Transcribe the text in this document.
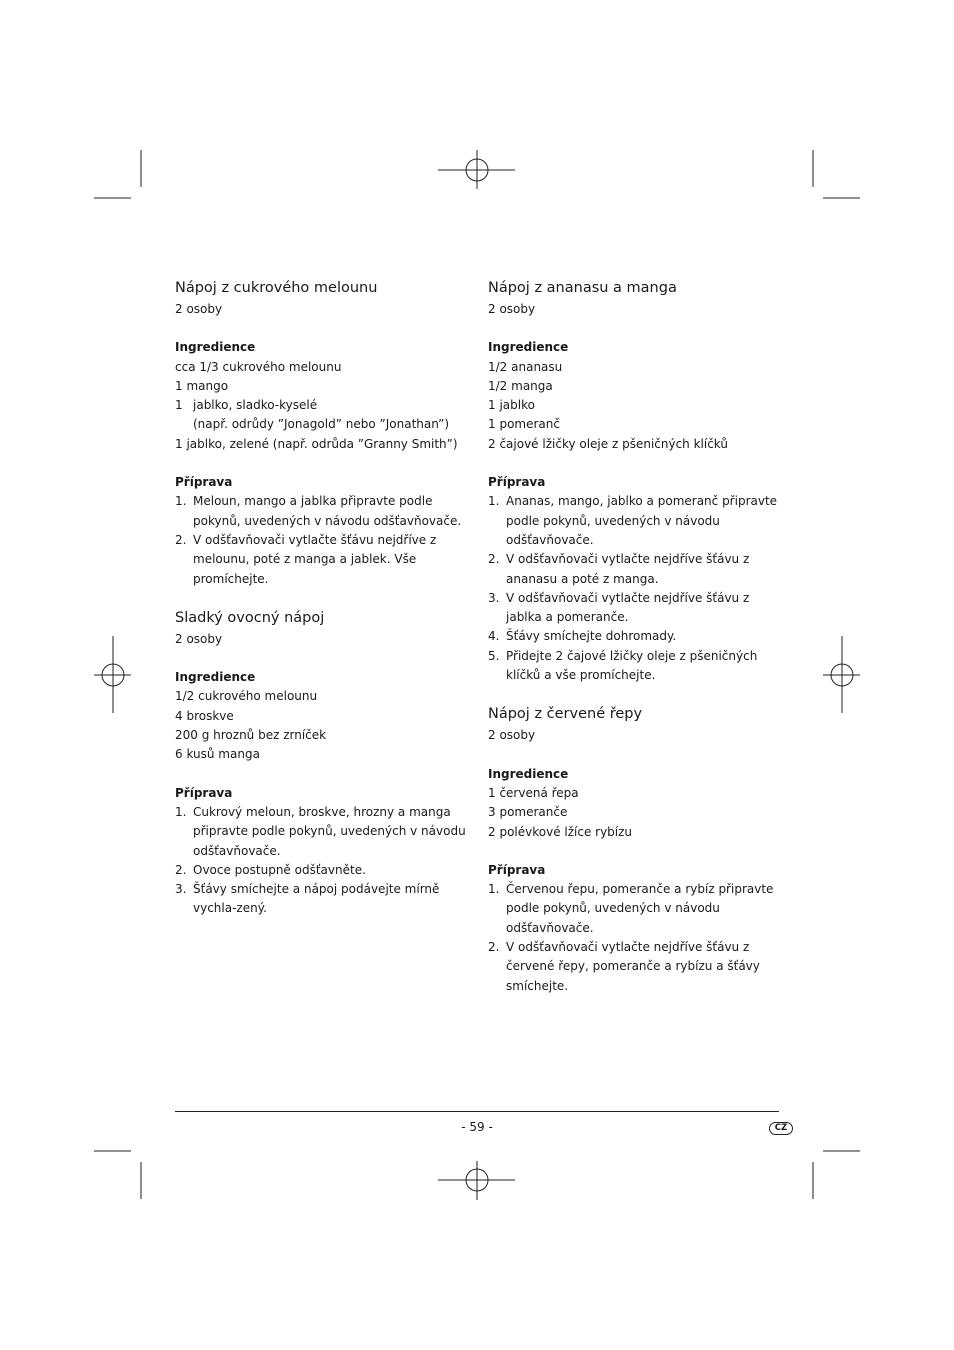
Nápoj z cukrového melounu
2 osoby
Ingredience
cca 1/3 cukrového melounu
1 mango
1 jablko, sladko-kyselé
(např. odrůdy ”Jonagold” nebo ”Jonathan”)
1 jablko, zelené (např. odrůda ”Granny Smith”)
Příprava
1. Meloun, mango a jablka připravte podle pokynů, uvedených v návodu odšťavňovače.
2. V odšťavňovači vytlačte šťávu nejdříve z melounu, poté z manga a jablek. Vše promíchejte.
Sladký ovocný nápoj
2 osoby
Ingredience
1/2 cukrového melounu
4 broskve
200 g hroznů bez zrníček
6 kusů manga
Příprava
1. Cukrový meloun, broskve, hrozny a manga připravte podle pokynů, uvedených v návodu odšťavňovače.
2. Ovoce postupně odšťavněte.
3. Šťávy smíchejte a nápoj podávejte mírně vychla-zený.
Nápoj z ananasu a manga
2 osoby
Ingredience
1/2 ananasu
1/2 manga
1 jablko
1 pomeranč
2 čajové lžičky oleje z pšeničných klíčků
Příprava
1. Ananas, mango, jablko a pomeranč připravte podle pokynů, uvedených v návodu odšťavňovače.
2. V odšťavňovači vytlačte nejdříve šťávu z ananasu a poté z manga.
3. V odšťavňovači vytlačte nejdříve šťávu z jablka a pomeranče.
4. Šťávy smíchejte dohromady.
5. Přidejte 2 čajové lžičky oleje z pšeničných klíčků a vše promíchejte.
Nápoj z červené řepy
2 osoby
Ingredience
1 červená řepa
3 pomeranče
2 polévkové lžíce rybízu
Příprava
1. Červenou řepu, pomeranče a rybíz připravte podle pokynů, uvedených v návodu odšťavňovače.
2. V odšťavňovači vytlačte nejdříve šťávu z červené řepy, pomeranče a rybízu a šťávy smíchejte.
- 59 -	CZ
